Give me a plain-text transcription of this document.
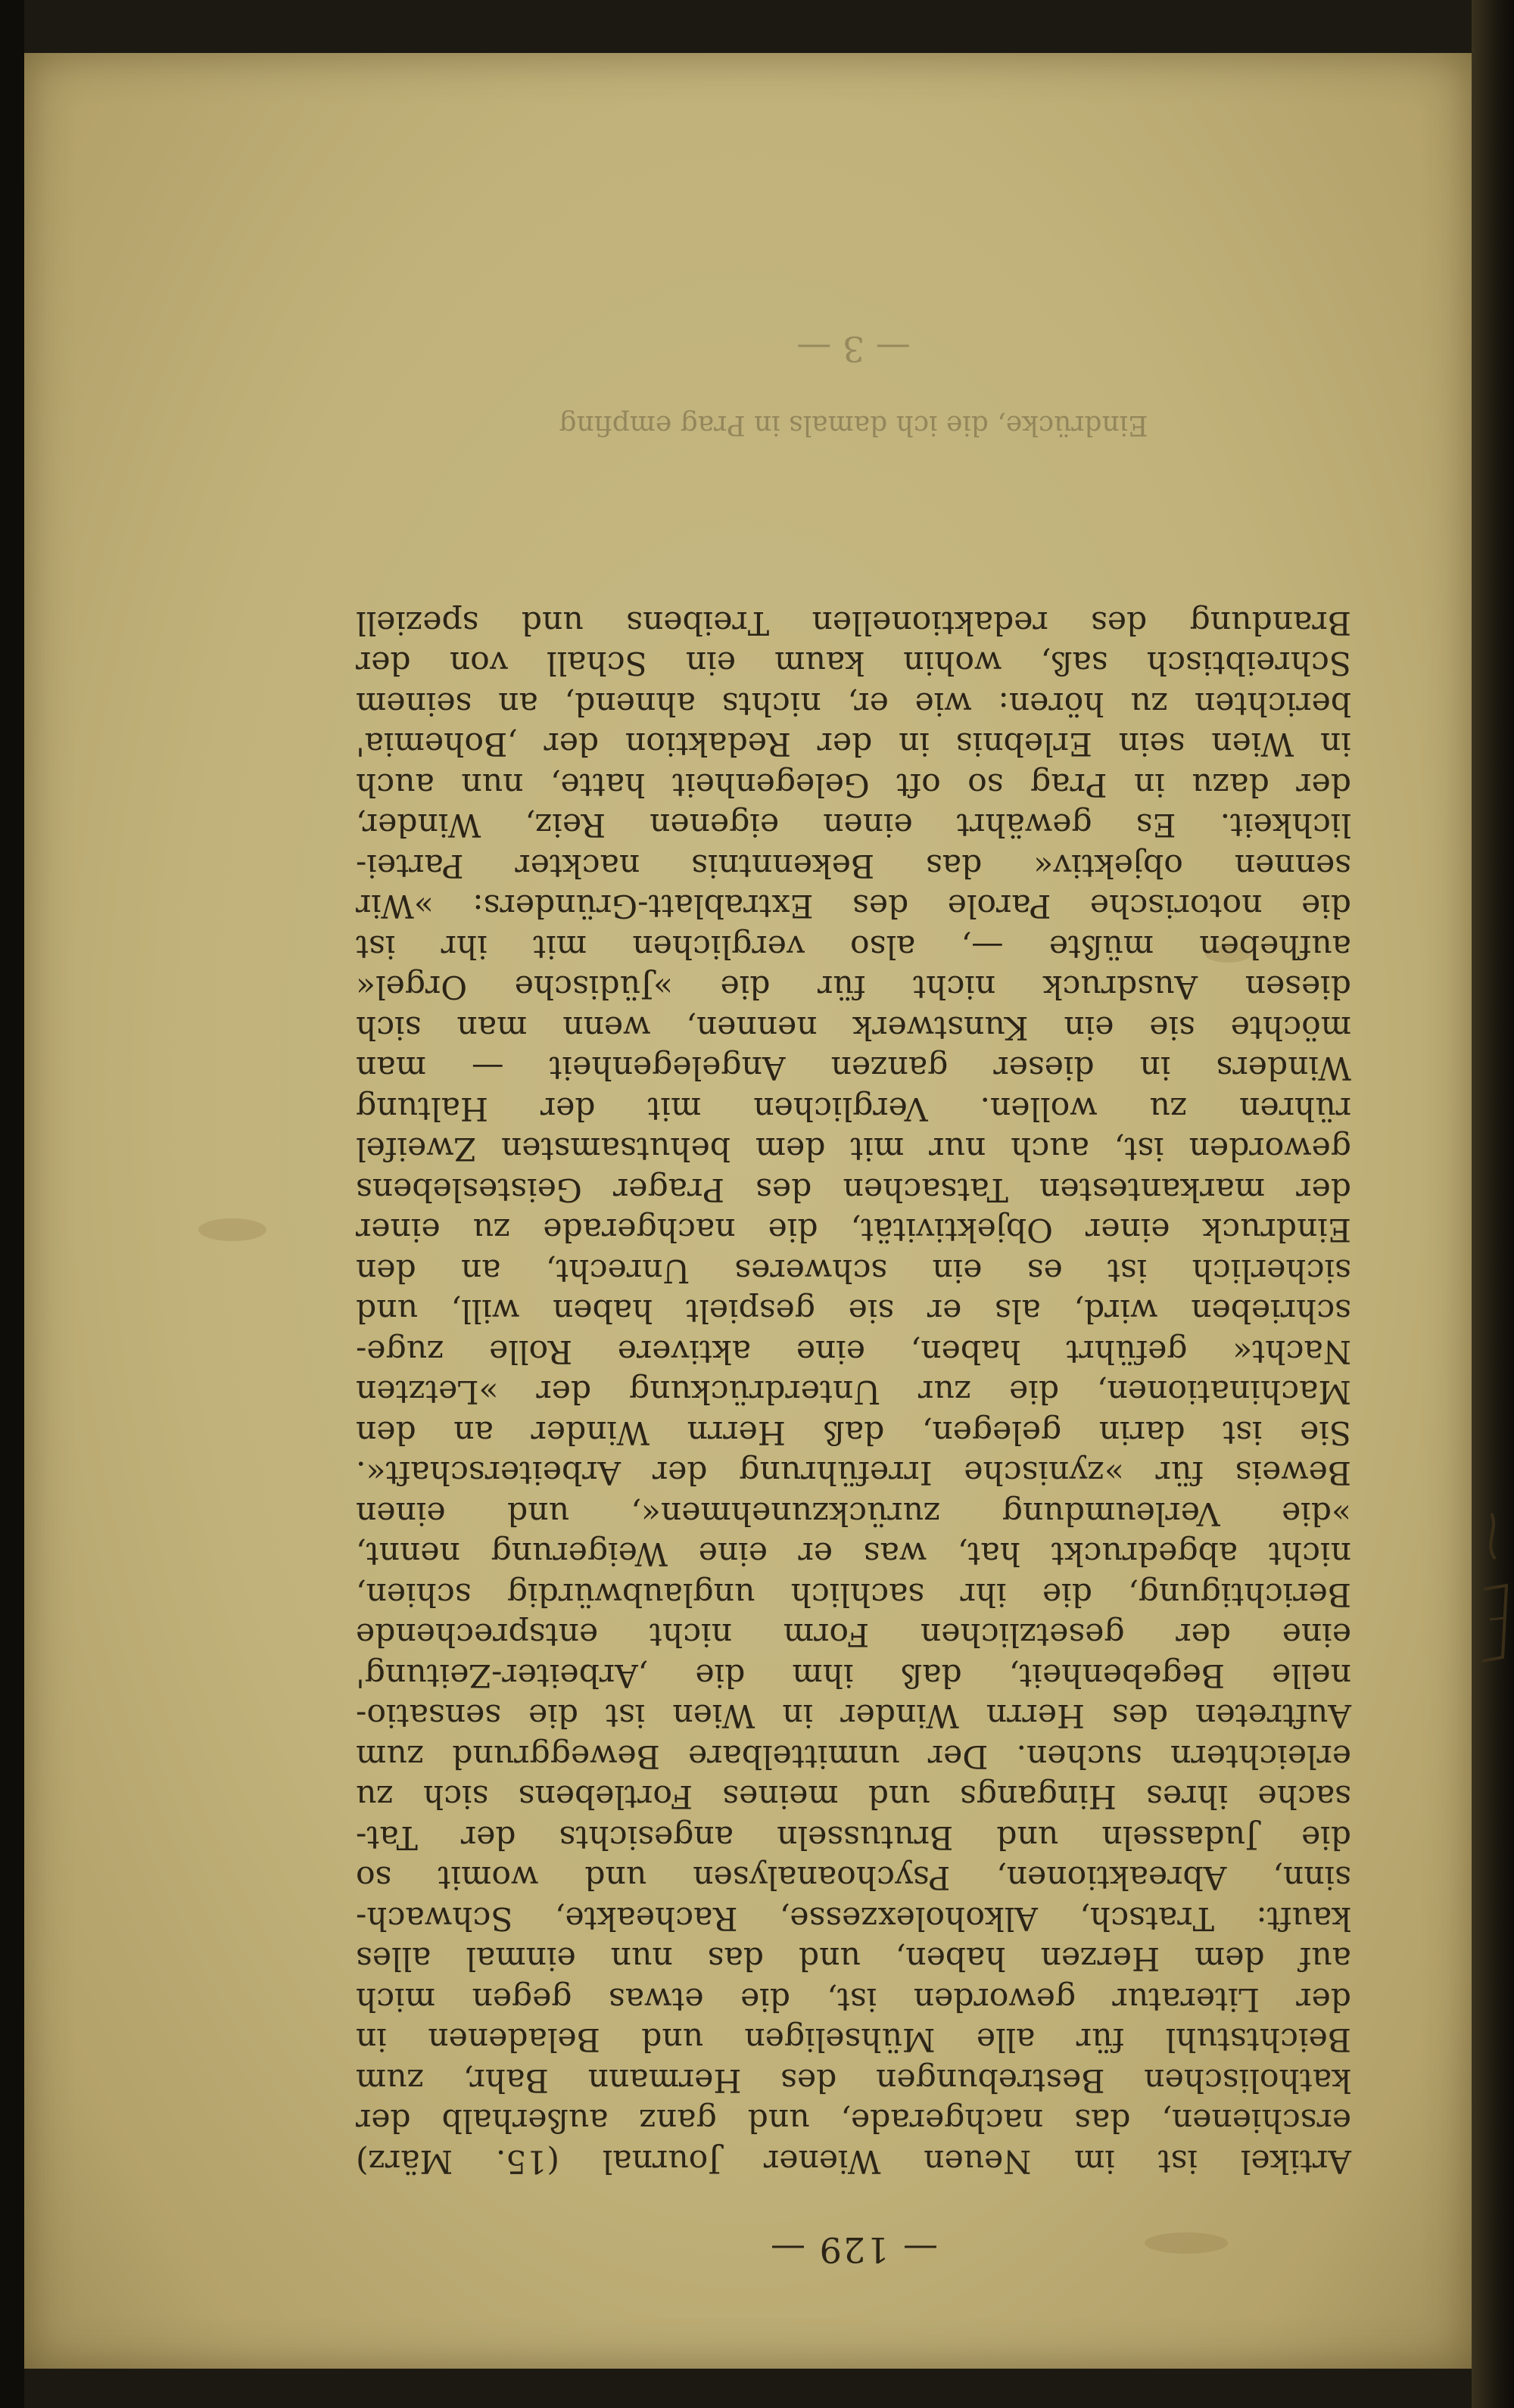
— 129 —
Artikel ist im Neuen Wiener Journal (15. März)
erschienen, das nachgerade, und ganz außerhalb der
katholischen Bestrebungen des Hermann Bahr, zum
Beichtstuhl für alle Mühseligen und Beladenen in
der Literatur geworden ist, die etwas gegen mich
auf dem Herzen haben, und das nun einmal alles
kauft: Tratsch, Alkoholexzesse, Racheakte, Schwach-
sinn, Abreaktionen, Psychoanalysen und womit so
die Judasseln und Brutusseln angesichts der Tat-
sache ihres Hingangs und meines Fortlebens sich zu
erleichtern suchen. Der unmittelbare Beweggrund zum
Auftreten des Herrn Winder in Wien ist die sensatio-
nelle Begebenheit, daß ihm die ‚Arbeiter-Zeitung'
eine der gesetzlichen Form nicht entsprechende
Berichtigung, die ihr sachlich unglaubwürdig schien,
nicht abgedruckt hat, was er eine Weigerung nennt,
»die Verleumdung zurückzunehmen«, und einen
Beweis für »zynische Irreführung der Arbeiterschaft«.
Sie ist darin gelegen, daß Herrn Winder an den
Machinationen, die zur Unterdrückung der »Letzten
Nacht« geführt haben, eine aktivere Rolle zuge-
schrieben wird, als er sie gespielt haben will, und
sicherlich ist es ein schweres Unrecht, an den
Eindruck einer Objektivität, die nachgerade zu einer
der markantesten Tatsachen des Prager Geisteslebens
geworden ist, auch nur mit dem behutsamsten Zweifel
rühren zu wollen. Verglichen mit der Haltung
Winders in dieser ganzen Angelegenheit — man
möchte sie ein Kunstwerk nennen, wenn man sich
diesen Ausdruck nicht für die »Jüdische Orgel«
aufheben müßte —, also verglichen mit ihr ist
die notorische Parole des Extrablatt-Gründers: »Wir
sennen objektiv« das Bekenntnis nackter Partei-
lichkeit. Es gewährt einen eigenen Reiz, Winder,
der dazu in Prag so oft Gelegenheit hatte, nun auch
in Wien sein Erlebnis in der Redaktion der ‚Bohemia'
berichten zu hören: wie er, nichts ahnend, an seinem
Schreibtisch saß, wohin kaum ein Schall von der
Brandung des redaktionellen Treibens und speziell
Eindrücke, die ich damals in Prag empfing
— 3 —
